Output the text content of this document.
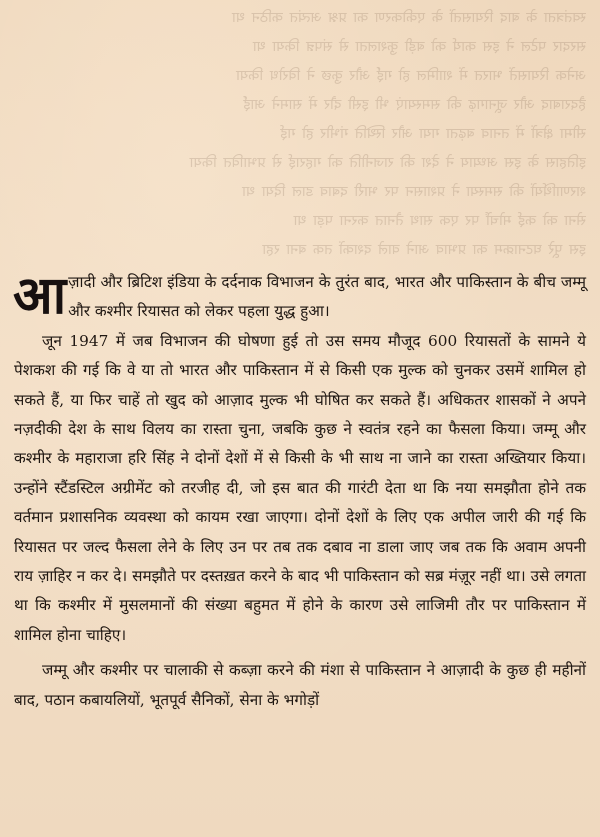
स्वतंत्रता के बाद रियासतों के एकीकरण का प्रश्न अत्यंत कठिन था

सरदार पटेल ने इस कार्य को बड़ी कुशलता से संपन्न किया था

अनेक रियासतें भारत में शामिल हो गईं और कुछ ने विरोध किया

हैदराबाद और जूनागढ़ की समस्याएं भी इसी दौर में सामने आईं

सीमा क्षेत्रों में तनाव बढ़ता गया और स्थिति गंभीर हो गई

इतिहास के इस अध्याय ने देश की राजनीति को गहराई से प्रभावित किया

शरणार्थियों की समस्या ने प्रशासन पर भारी दबाव डाल दिया था

सेना को कई मोर्चों पर एक साथ तैनात करना पड़ा था

इस पूरे घटनाक्रम का प्रभाव आने वाले दशकों तक बना रहा

आज़ादी और ब्रिटिश इंडिया के दर्दनाक विभाजन के तुरंत बाद, भारत और पाकिस्तान के बीच जम्मू और कश्मीर रियासत को लेकर पहला युद्ध हुआ।

जून 1947 में जब विभाजन की घोषणा हुई तो उस समय मौजूद 600 रियासतों के सामने ये पेशकश की गई कि वे या तो भारत और पाकिस्तान में से किसी एक मुल्क को चुनकर उसमें शामिल हो सकते हैं, या फिर चाहें तो खुद को आज़ाद मुल्क भी घोषित कर सकते हैं। अधिकतर शासकों ने अपने नज़दीकी देश के साथ विलय का रास्ता चुना, जबकि कुछ ने स्वतंत्र रहने का फैसला किया। जम्मू और कश्मीर के महाराजा हरि सिंह ने दोनों देशों में से किसी के भी साथ ना जाने का रास्ता अख्तियार किया। उन्होंने स्टैंडस्टिल अग्रीमेंट को तरजीह दी, जो इस बात की गारंटी देता था कि नया समझौता होने तक वर्तमान प्रशासनिक व्यवस्था को कायम रखा जाएगा। दोनों देशों के लिए एक अपील जारी की गई कि रियासत पर जल्द फैसला लेने के लिए उन पर तब तक दबाव ना डाला जाए जब तक कि अवाम अपनी राय ज़ाहिर न कर दे। समझौते पर दस्तख़त करने के बाद भी पाकिस्तान को सब्र मंज़ूर नहीं था। उसे लगता था कि कश्मीर में मुसलमानों की संख्या बहुमत में होने के कारण उसे लाजिमी तौर पर पाकिस्तान में शामिल होना चाहिए।

जम्मू और कश्मीर पर चालाकी से कब्ज़ा करने की मंशा से पाकिस्तान ने आज़ादी के कुछ ही महीनों बाद, पठान कबायलियों, भूतपूर्व सैनिकों, सेना के भगोड़ों
